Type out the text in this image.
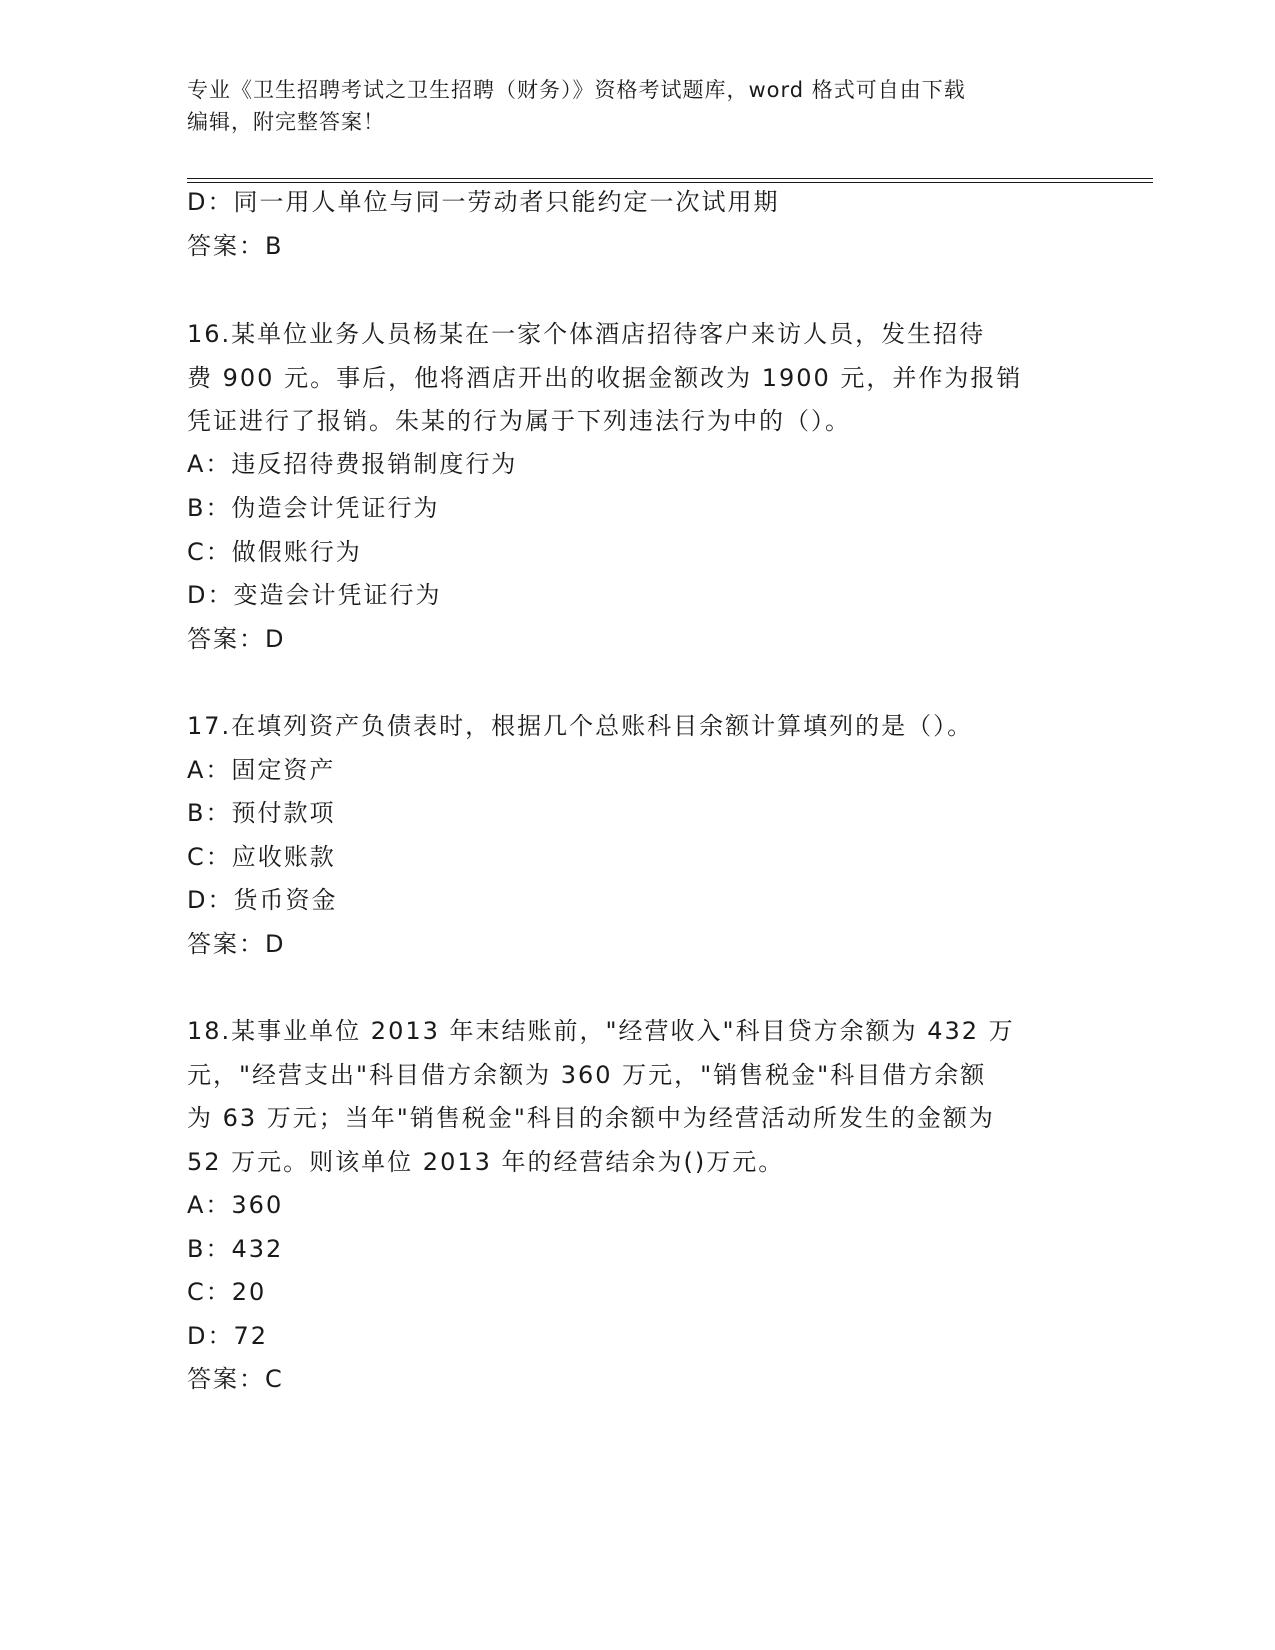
专业《卫生招聘考试之卫生招聘（财务）》资格考试题库，word 格式可自由下载
编辑，附完整答案！
D：同一用人单位与同一劳动者只能约定一次试用期
答案：B
16.某单位业务人员杨某在一家个体酒店招待客户来访人员，发生招待
费 900 元。事后，他将酒店开出的收据金额改为 1900 元，并作为报销
凭证进行了报销。朱某的行为属于下列违法行为中的（）。
A：违反招待费报销制度行为
B：伪造会计凭证行为
C：做假账行为
D：变造会计凭证行为
答案：D
17.在填列资产负债表时，根据几个总账科目余额计算填列的是（）。
A：固定资产
B：预付款项
C：应收账款
D：货币资金
答案：D
18.某事业单位 2013 年末结账前，"经营收入"科目贷方余额为 432 万
元，"经营支出"科目借方余额为 360 万元，"销售税金"科目借方余额
为 63 万元；当年"销售税金"科目的余额中为经营活动所发生的金额为
52 万元。则该单位 2013 年的经营结余为()万元。
A：360
B：432
C：20
D：72
答案：C
